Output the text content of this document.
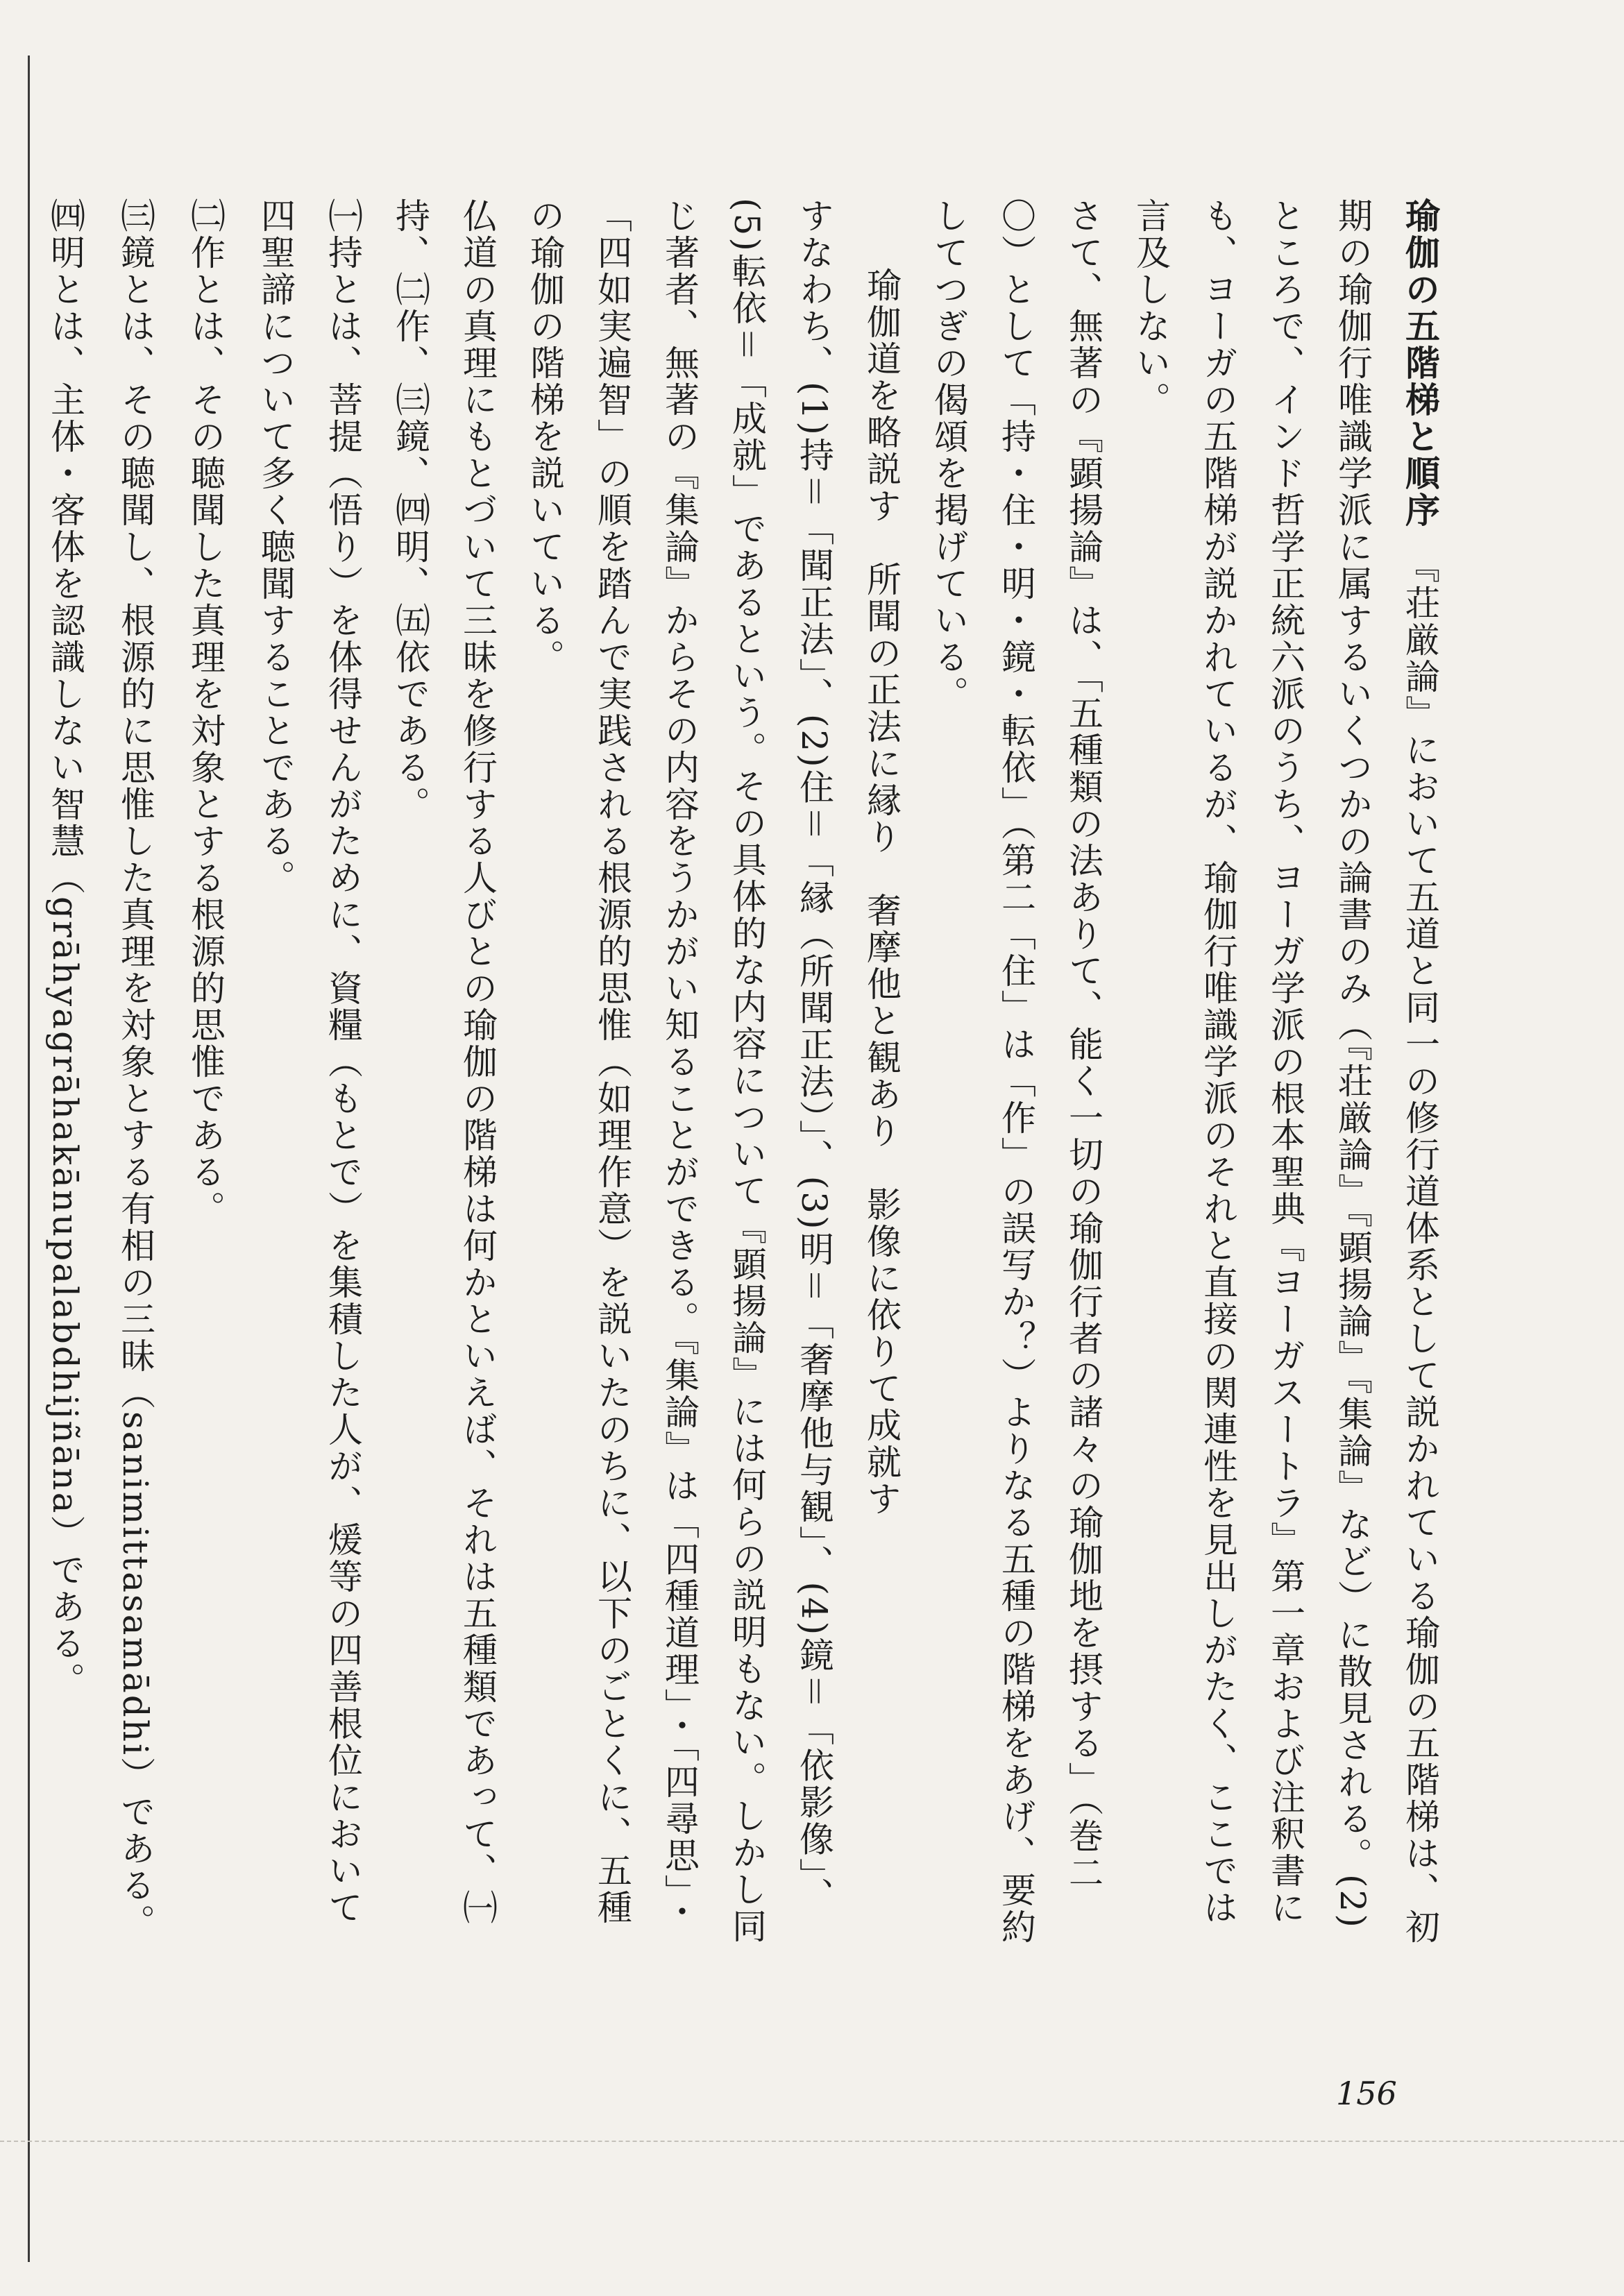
瑜伽の五階梯と順序　『荘厳論』において五道と同一の修行道体系として説かれている瑜伽の五階梯は、初期の瑜伽行唯識学派に属するいくつかの論書のみ（『荘厳論』『顕揚論』『集論』など）に散見される。(2)

ところで、インド哲学正統六派のうち、ヨーガ学派の根本聖典『ヨーガスートラ』第一章および注釈書にも、ヨーガの五階梯が説かれているが、瑜伽行唯識学派のそれと直接の関連性を見出しがたく、ここでは言及しない。

さて、無著の『顕揚論』は、「五種類の法ありて、能く一切の瑜伽行者の諸々の瑜伽地を摂する」（巻二〇）として「持・住・明・鏡・転依」（第二「住」は「作」の誤写か？）よりなる五種の階梯をあげ、要約してつぎの偈頌を掲げている。

瑜伽道を略説す　所聞の正法に縁り　奢摩他と観あり　影像に依りて成就す

すなわち、(1)持＝「聞正法」、(2)住＝「縁（所聞正法）」、(3)明＝「奢摩他与観」、(4)鏡＝「依影像」、(5)転依＝「成就」であるという。その具体的な内容について『顕揚論』には何らの説明もない。しかし同じ著者、無著の『集論』からその内容をうかがい知ることができる。『集論』は「四種道理」・「四尋思」・「四如実遍智」の順を踏んで実践される根源的思惟（如理作意）を説いたのちに、以下のごとくに、五種の瑜伽の階梯を説いている。

仏道の真理にもとづいて三昧を修行する人びとの瑜伽の階梯は何かといえば、それは五種類であって、㈠持、㈡作、㈢鏡、㈣明、㈤依である。

㈠持とは、菩提（悟り）を体得せんがために、資糧（もとで）を集積した人が、煖等の四善根位において四聖諦について多く聴聞することである。

㈡作とは、その聴聞した真理を対象とする根源的思惟である。

㈢鏡とは、その聴聞し、根源的に思惟した真理を対象とする有相の三昧（sanimittasamādhi）である。

㈣明とは、主体・客体を認識しない智慧（grāhyagrāhakānupalabdhijñāna）である。

156
